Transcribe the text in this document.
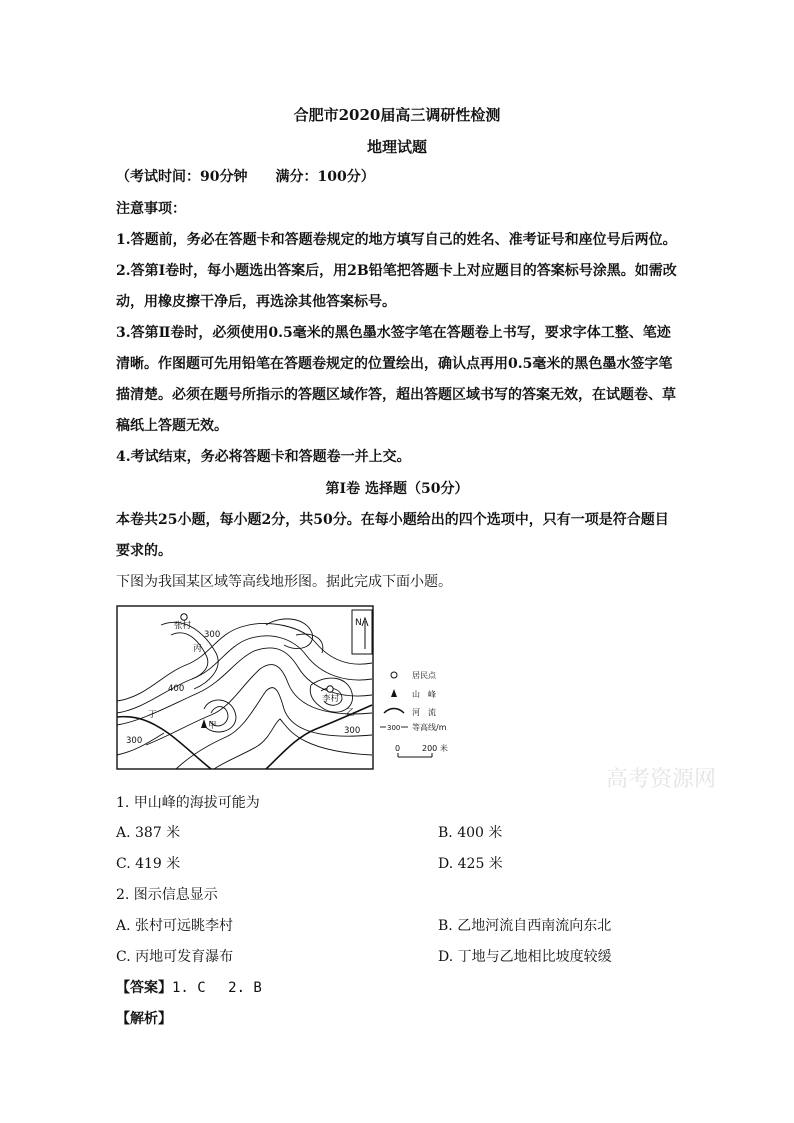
合肥市2020届高三调研性检测
地理试题
（考试时间：90分钟　　满分：100分）
注意事项：
1.答题前，务必在答题卡和答题卷规定的地方填写自己的姓名、准考证号和座位号后两位。
2.答第Ⅰ卷时，每小题选出答案后，用2B铅笔把答题卡上对应题目的答案标号涂黑。如需改
动，用橡皮擦干净后，再选涂其他答案标号。
3.答第Ⅱ卷时，必须使用0.5毫米的黑色墨水签字笔在答题卷上书写，要求字体工整、笔迹
清晰。作图题可先用铅笔在答题卷规定的位置绘出，确认点再用0.5毫米的黑色墨水签字笔
描清楚。必须在题号所指示的答题区域作答，超出答题区域书写的答案无效，在试题卷、草
稿纸上答题无效。
4.考试结束，务必将答题卡和答题卷一并上交。
第Ⅰ卷 选择题（50分）
本卷共25小题，每小题2分，共50分。在每小题给出的四个选项中，只有一项是符合题目
要求的。
下图为我国某区域等高线地形图。据此完成下面小题。
张村
李村
丙
甲
乙
丁
300
400
300
300
N
居民点
山　峰
河　流
300 等高线/m
0	200 米
高考资源网
1. 甲山峰的海拔可能为
A. 387 米	B. 400 米
C. 419 米	D. 425 米
2. 图示信息显示
A. 张村可远眺李村	B. 乙地河流自西南流向东北
C. 丙地可发育瀑布	D. 丁地与乙地相比坡度较缓
【答案】1. C　 2. B
【解析】
